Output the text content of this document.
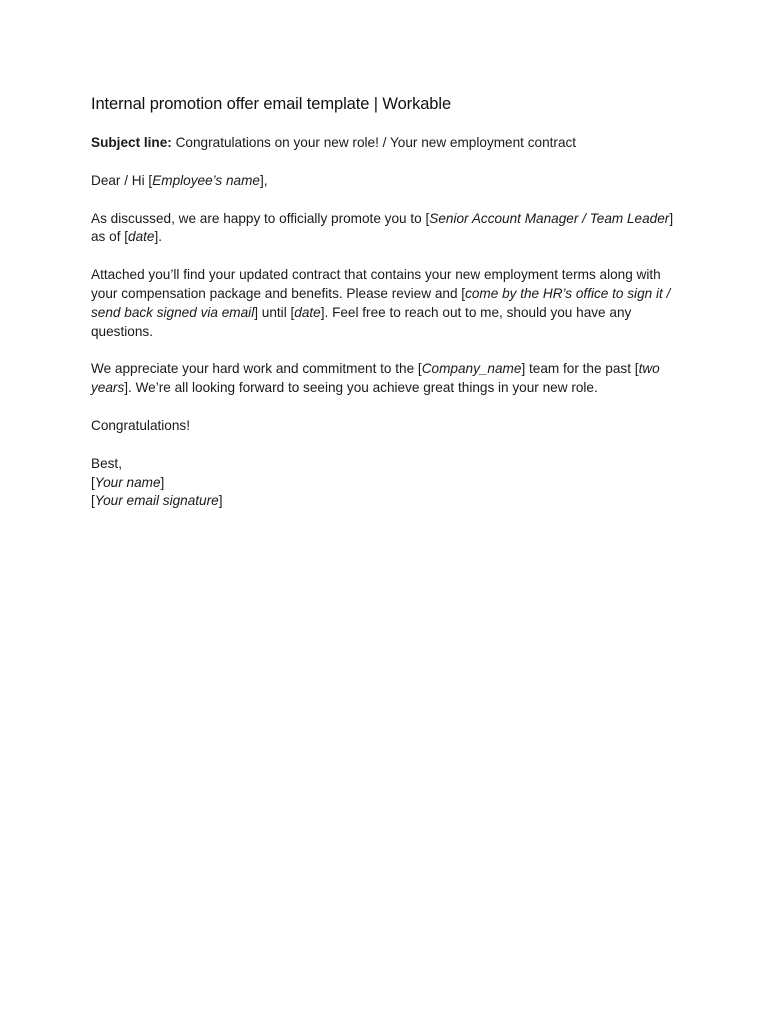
Internal promotion offer email template | Workable

Subject line: Congratulations on your new role! / Your new employment contract

Dear / Hi [Employee’s name],

As discussed, we are happy to officially promote you to [Senior Account Manager / Team Leader] as of [date].

Attached you’ll find your updated contract that contains your new employment terms along with your compensation package and benefits. Please review and [come by the HR’s office to sign it / send back signed via email] until [date]. Feel free to reach out to me, should you have any questions.

We appreciate your hard work and commitment to the [Company_name] team for the past [two years]. We’re all looking forward to seeing you achieve great things in your new role.

Congratulations!

Best,
[Your name]
[Your email signature]
